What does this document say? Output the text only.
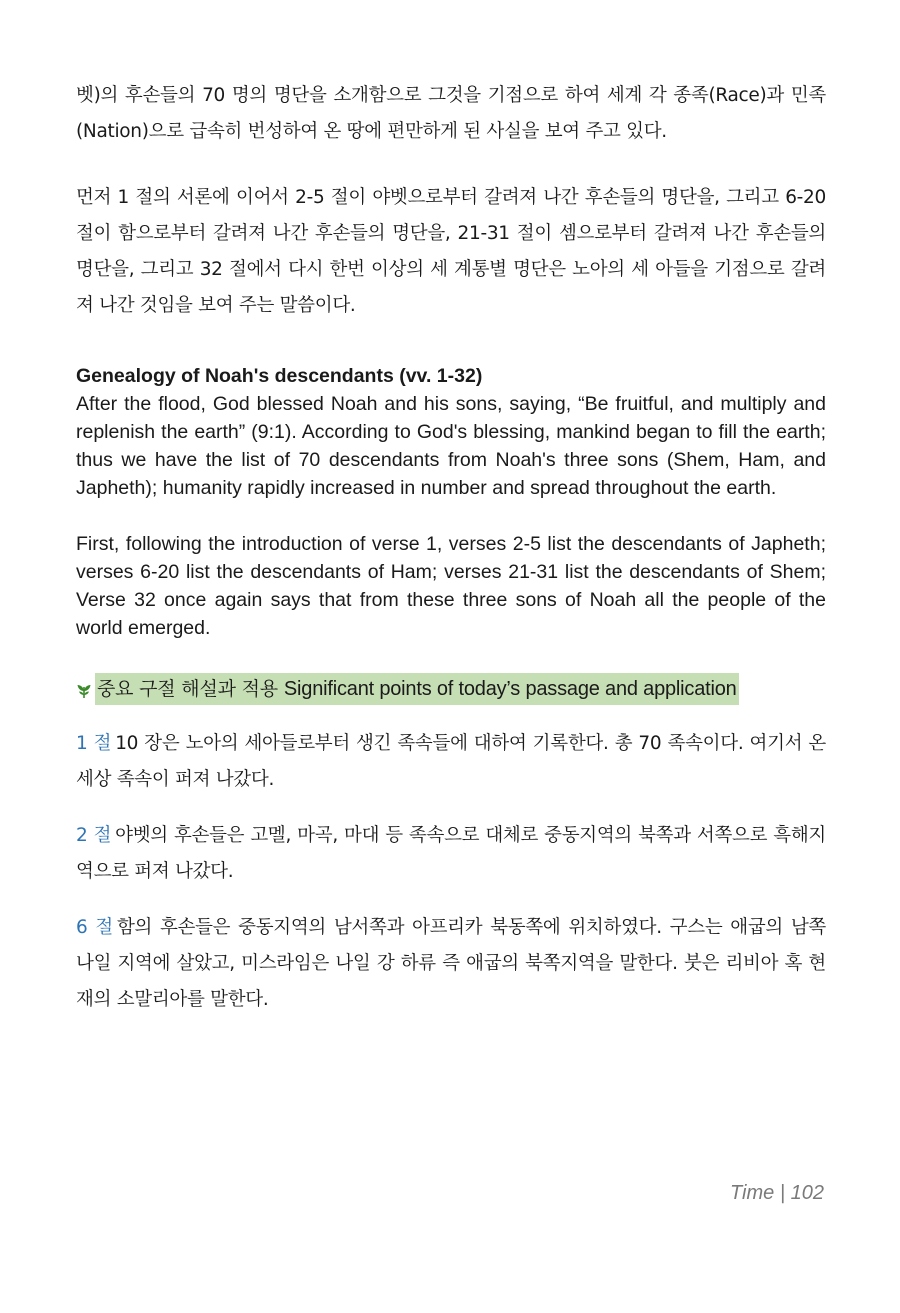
벳)의 후손들의 70 명의 명단을 소개함으로 그것을 기점으로 하여 세계 각 종족(Race)과 민족(Nation)으로 급속히 번성하여 온 땅에 편만하게 된 사실을 보여 주고 있다.

먼저 1 절의 서론에 이어서 2-5 절이 야벳으로부터 갈려져 나간 후손들의 명단을, 그리고 6-20 절이 함으로부터 갈려져 나간 후손들의 명단을, 21-31 절이 셈으로부터 갈려져 나간 후손들의 명단을, 그리고 32 절에서 다시 한번 이상의 세 계통별 명단은 노아의 세 아들을 기점으로 갈려져 나간 것임을 보여 주는 말씀이다.

Genealogy of Noah's descendants (vv. 1-32)

After the flood, God blessed Noah and his sons, saying, “Be fruitful, and multiply and replenish the earth” (9:1). According to God's blessing, mankind began to fill the earth; thus we have the list of 70 descendants from Noah's three sons (Shem, Ham, and Japheth); humanity rapidly increased in number and spread throughout the earth.

First, following the introduction of verse 1, verses 2-5 list the descendants of Japheth; verses 6-20 list the descendants of Ham; verses 21-31 list the descendants of Shem; Verse 32 once again says that from these three sons of Noah all the people of the world emerged.

중요 구절 해설과 적용 Significant points of today’s passage and application

1 절 10 장은 노아의 세아들로부터 생긴 족속들에 대하여 기록한다. 총 70 족속이다. 여기서 온 세상 족속이 퍼져 나갔다.

2 절 야벳의 후손들은 고멜, 마곡, 마대 등 족속으로 대체로 중동지역의 북쪽과 서쪽으로 흑해지역으로 퍼져 나갔다.

6 절 함의 후손들은 중동지역의 남서쪽과 아프리카 북동쪽에 위치하였다. 구스는 애굽의 남쪽 나일 지역에 살았고, 미스라임은 나일 강 하류 즉 애굽의 북쪽지역을 말한다. 붓은 리비아 혹 현재의 소말리아를 말한다.

Time | 102
